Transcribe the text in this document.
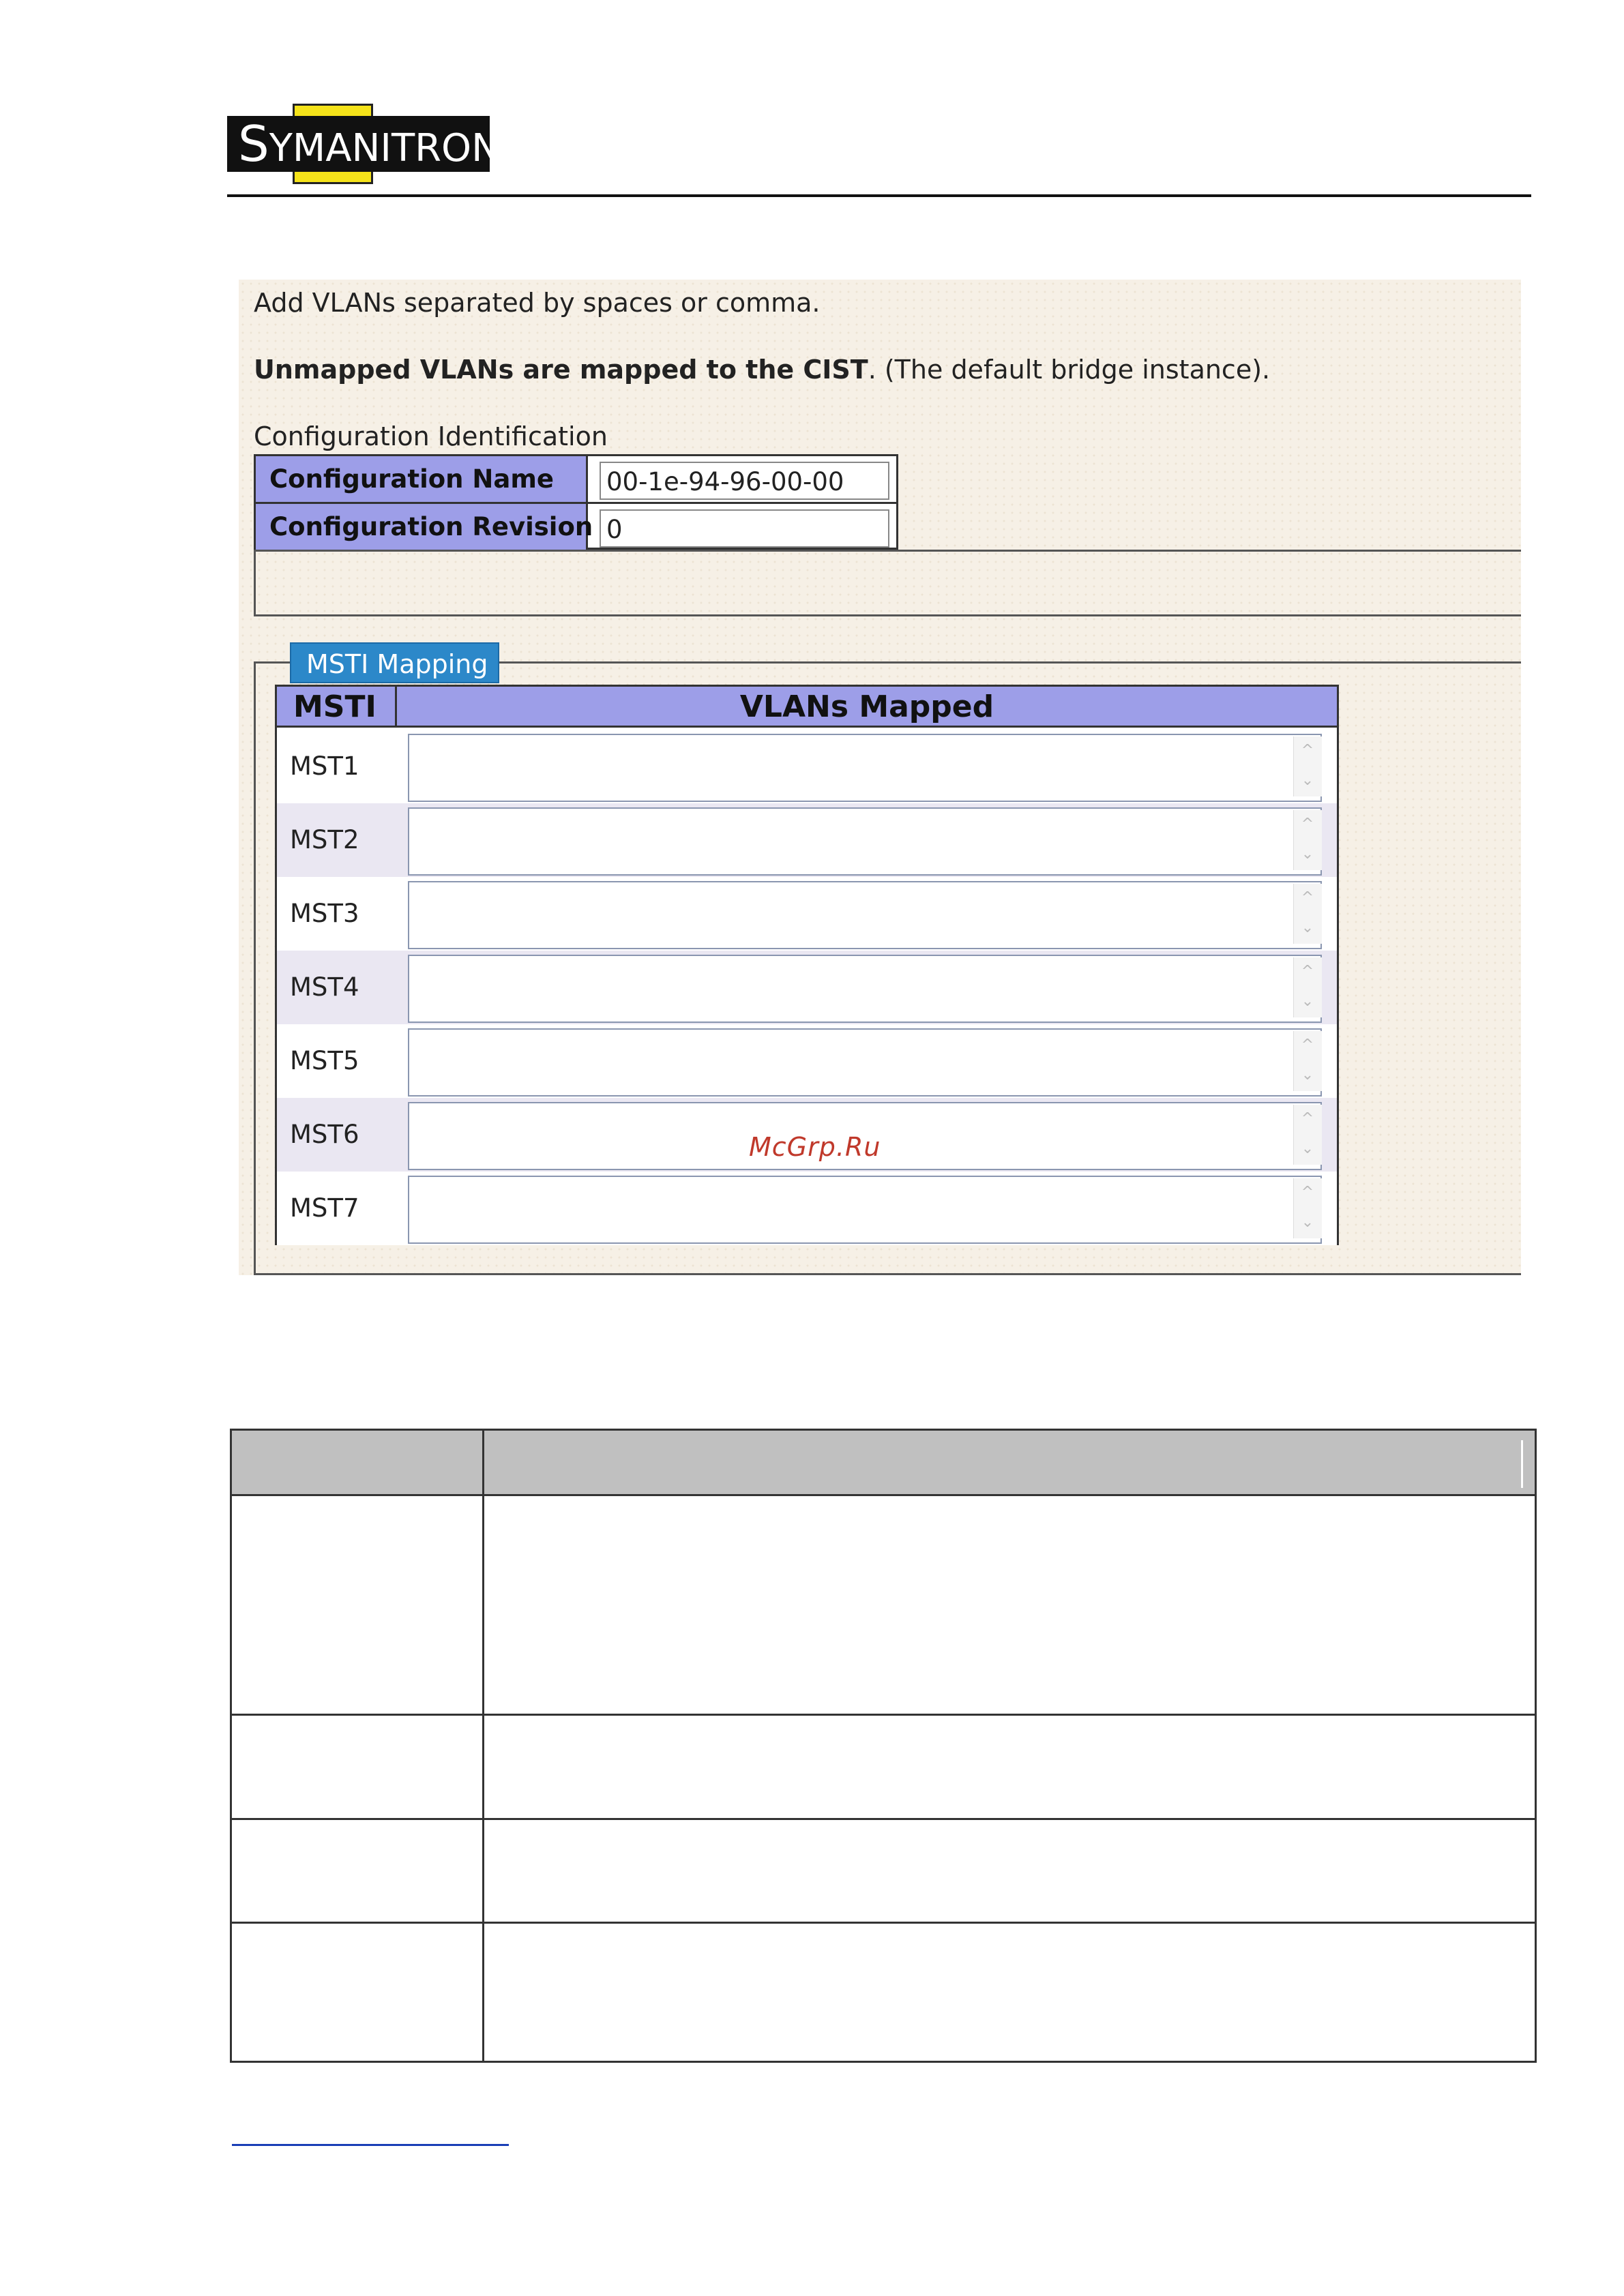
SYMANITRON
Add VLANs separated by spaces or comma.
Unmapped VLANs are mapped to the CIST. (The default bridge instance).
Configuration Identification
Configuration Name	00-1e-94-96-00-00
Configuration Revision 0
MSTI Mapping
MSTI	VLANs Mapped
MST1
^
⌄
MST2
^
⌄
MST3
^
⌄
MST4
^
⌄
MST5
^
⌄
MST6
^
⌄
MST7
^
⌄
McGrp.Ru
